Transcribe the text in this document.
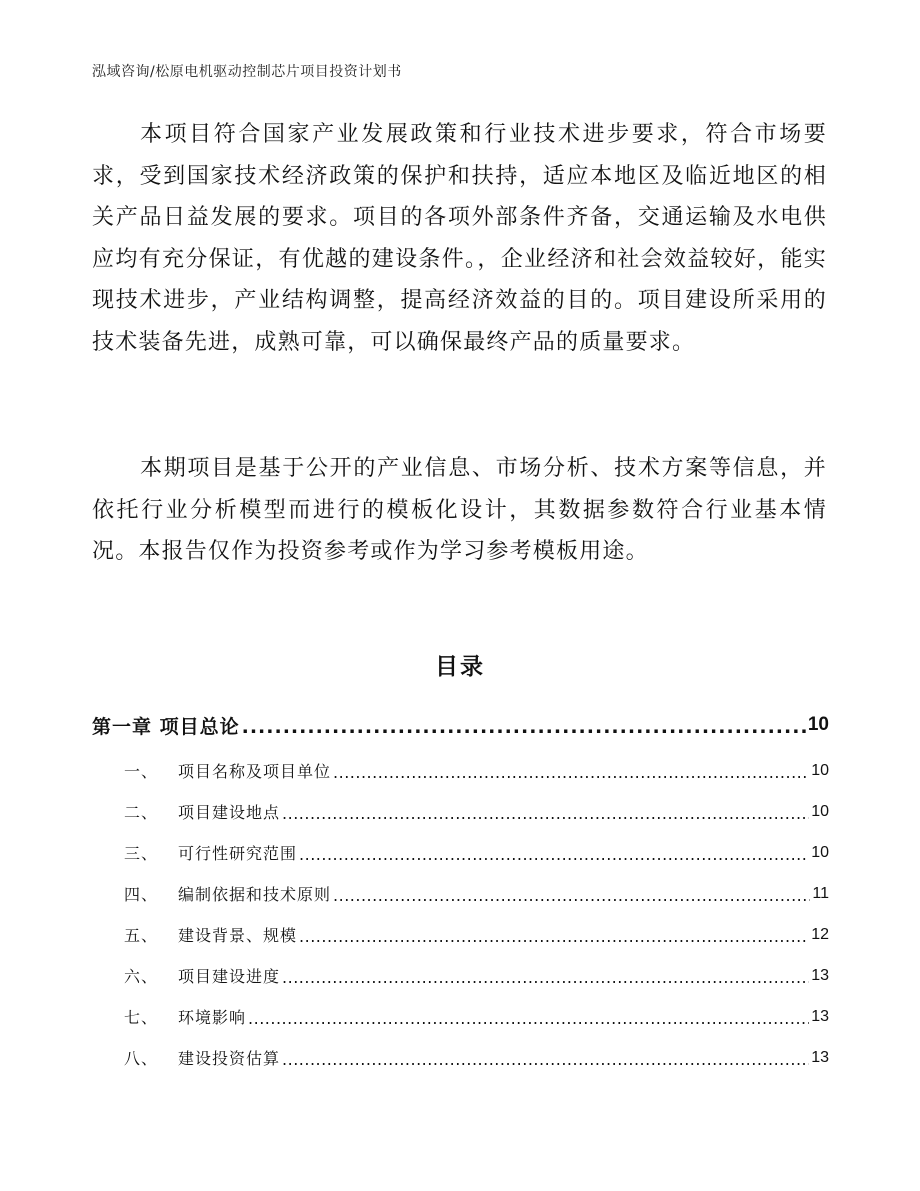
泓域咨询/松原电机驱动控制芯片项目投资计划书

本项目符合国家产业发展政策和行业技术进步要求，符合市场要求，受到国家技术经济政策的保护和扶持，适应本地区及临近地区的相关产品日益发展的要求。项目的各项外部条件齐备，交通运输及水电供应均有充分保证，有优越的建设条件。，企业经济和社会效益较好，能实现技术进步，产业结构调整，提高经济效益的目的。项目建设所采用的技术装备先进，成熟可靠，可以确保最终产品的质量要求。

本期项目是基于公开的产业信息、市场分析、技术方案等信息，并依托行业分析模型而进行的模板化设计，其数据参数符合行业基本情况。本报告仅作为投资参考或作为学习参考模板用途。

目录
第一章 项目总论 .....	10
一、 项目名称及项目单位 .....	10
二、 项目建设地点 .....	10
三、 可行性研究范围 .....	10
四、 编制依据和技术原则 .....	11
五、 建设背景、规模 .....	12
六、 项目建设进度 .....	13
七、 环境影响 .....	13
八、 建设投资估算 .....	13
